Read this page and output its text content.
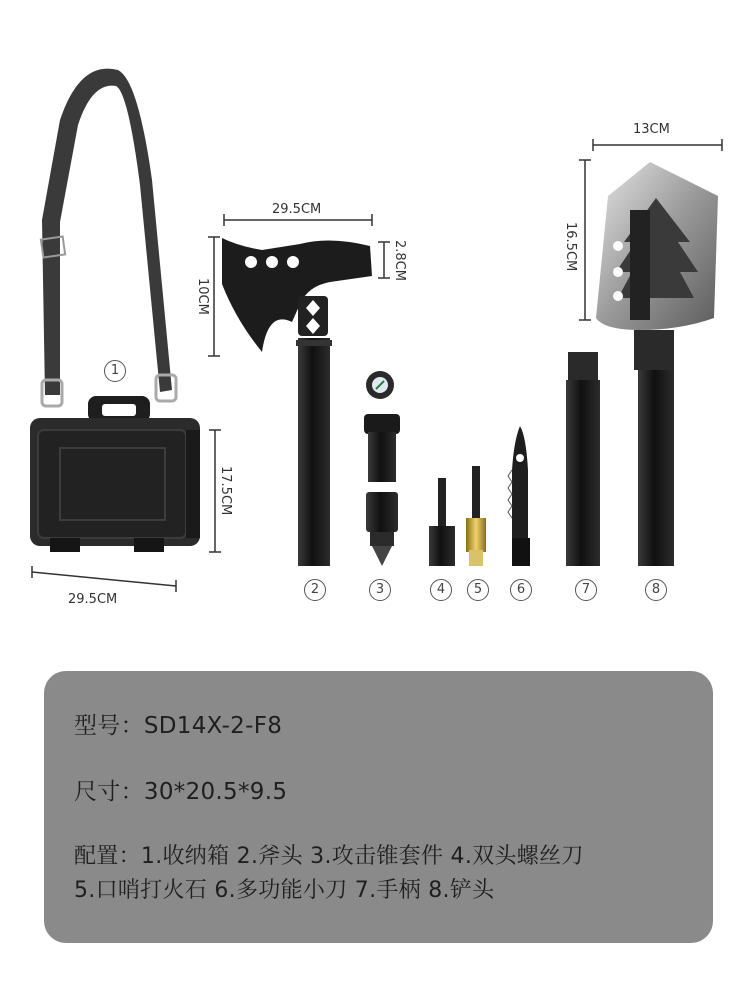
29.5CM
17.5CM
29.5CM
10CM
2.8CM
13CM
16.5CM
1
2	3	4	5	6	7	8
型号：SD14X-2-F8
尺寸：30*20.5*9.5
配置：1.收纳箱 2.斧头 3.攻击锥套件 4.双头螺丝刀
5.口哨打火石 6.多功能小刀 7.手柄 8.铲头
